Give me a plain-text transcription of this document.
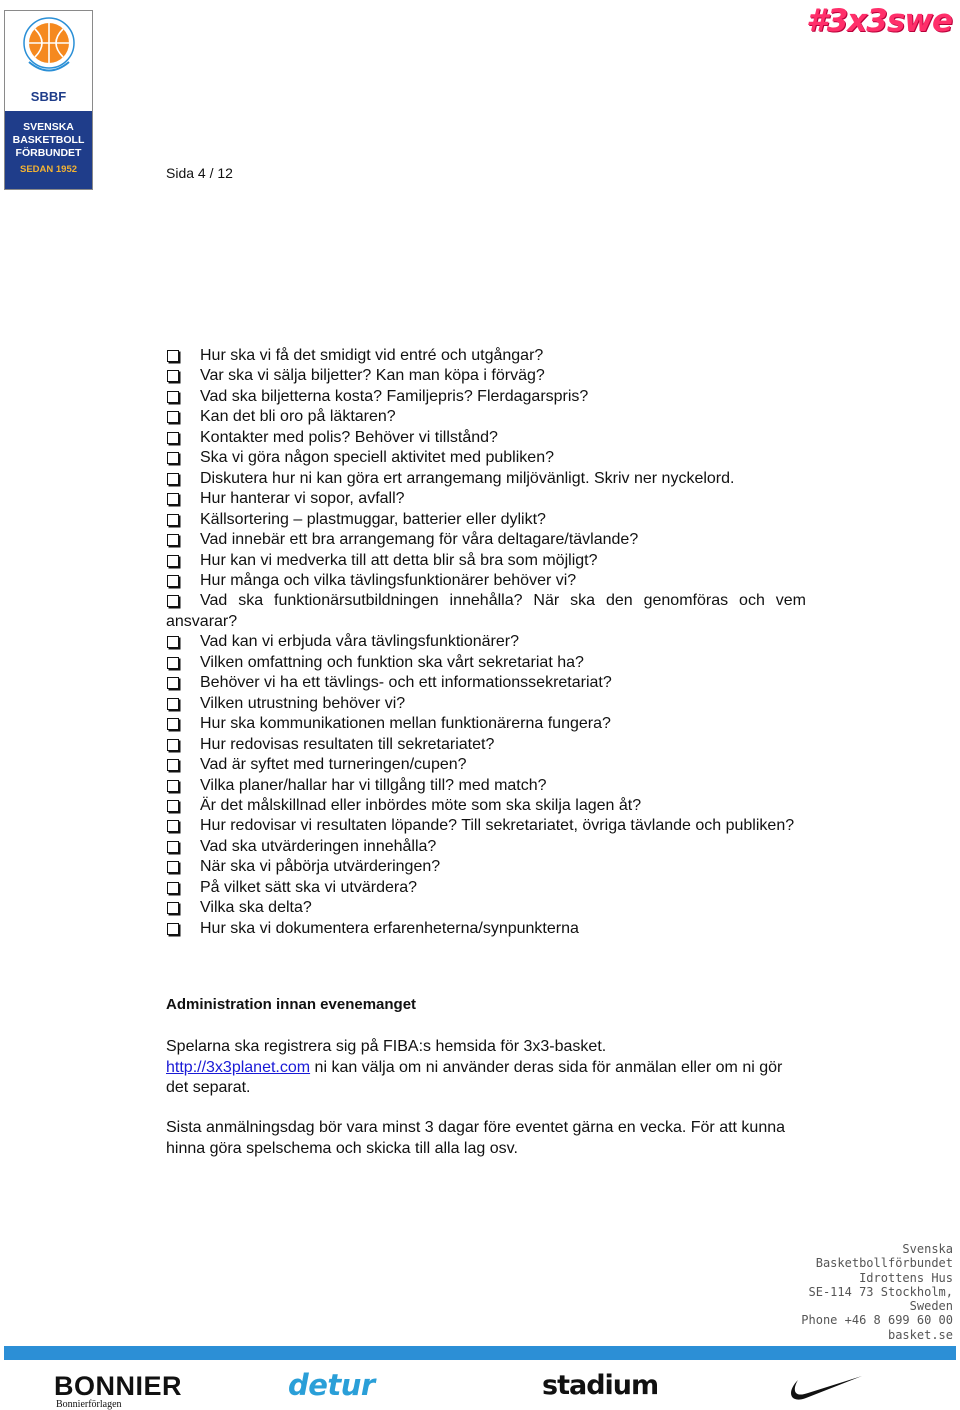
SBBF
SVENSKA
BASKETBOLL
FÖRBUNDET
SEDAN 1952
#3x3swe
Sida 4 / 12
Hur ska vi få det smidigt vid entré och utgångar?
Var ska vi sälja biljetter? Kan man köpa i förväg?
Vad ska biljetterna kosta? Familjepris? Flerdagarspris?
Kan det bli oro på läktaren?
Kontakter med polis? Behöver vi tillstånd?
Ska vi göra någon speciell aktivitet med publiken?
Diskutera hur ni kan göra ert arrangemang miljövänligt. Skriv ner nyckelord.
Hur hanterar vi sopor, avfall?
Källsortering – plastmuggar, batterier eller dylikt?
Vad innebär ett bra arrangemang för våra deltagare/tävlande?
Hur kan vi medverka till att detta blir så bra som möjligt?
Hur många och vilka tävlingsfunktionärer behöver vi?
Vad ska funktionärsutbildningen innehålla? När ska den genomföras och vem ansvarar?
Vad kan vi erbjuda våra tävlingsfunktionärer?
Vilken omfattning och funktion ska vårt sekretariat ha?
Behöver vi ha ett tävlings- och ett informationssekretariat?
Vilken utrustning behöver vi?
Hur ska kommunikationen mellan funktionärerna fungera?
Hur redovisas resultaten till sekretariatet?
Vad är syftet med turneringen/cupen?
Vilka planer/hallar har vi tillgång till? med match?
Är det målskillnad eller inbördes möte som ska skilja lagen åt?
Hur redovisar vi resultaten löpande? Till sekretariatet, övriga tävlande och publiken?
Vad ska utvärderingen innehålla?
När ska vi påbörja utvärderingen?
På vilket sätt ska vi utvärdera?
Vilka ska delta?
Hur ska vi dokumentera erfarenheterna/synpunkterna
Administration innan evenemanget

Spelarna ska registrera sig på FIBA:s hemsida för 3x3-basket.
http://3x3planet.com ni kan välja om ni använder deras sida för anmälan eller om ni gör det separat.

Sista anmälningsdag bör vara minst 3 dagar före eventet gärna en vecka. För att kunna hinna göra spelschema och skicka till alla lag osv.

Svenska
Basketbollförbundet
Idrottens Hus
SE-114 73 Stockholm,
Sweden
Phone +46 8 699 60 00
basket.se
BONNIER
Bonnierförlagen
detur	stadium
